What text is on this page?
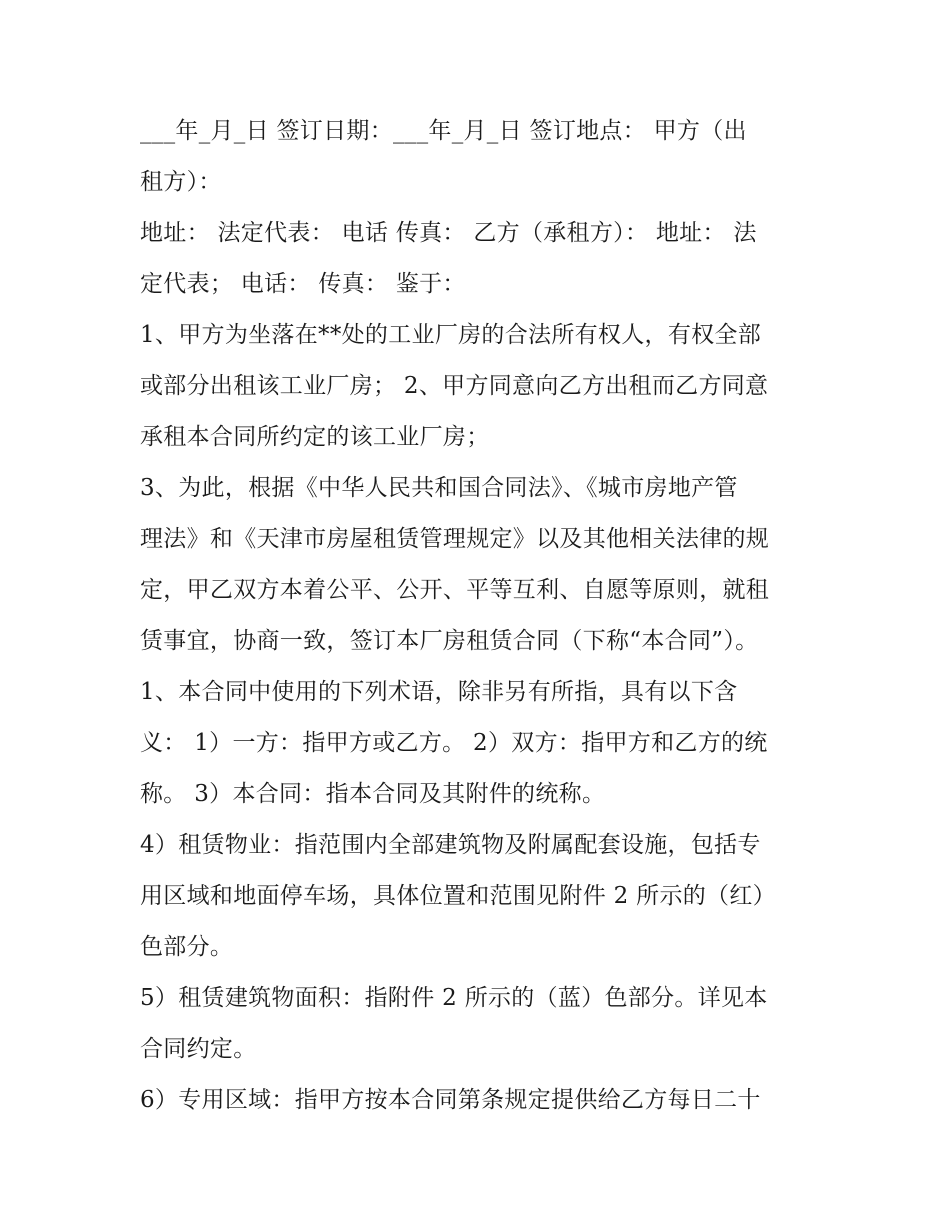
___年_月_日 签订日期：___年_月_日 签订地点： 甲方（出
租方）：
地址： 法定代表： 电话 传真： 乙方（承租方）： 地址： 法
定代表； 电话： 传真： 鉴于：
1、甲方为坐落在**处的工业厂房的合法所有权人，有权全部
或部分出租该工业厂房； 2、甲方同意向乙方出租而乙方同意
承租本合同所约定的该工业厂房；
3、为此，根据《中华人民共和国合同法》、《城市房地产管
理法》和《天津市房屋租赁管理规定》以及其他相关法律的规
定，甲乙双方本着公平、公开、平等互利、自愿等原则，就租
赁事宜，协商一致，签订本厂房租赁合同（下称“本合同”）。
1、本合同中使用的下列术语，除非另有所指，具有以下含
义： 1）一方：指甲方或乙方。 2）双方：指甲方和乙方的统
称。 3）本合同：指本合同及其附件的统称。
4）租赁物业：指范围内全部建筑物及附属配套设施，包括专
用区域和地面停车场，具体位置和范围见附件 2 所示的（红）
色部分。
5）租赁建筑物面积：指附件 2 所示的（蓝）色部分。详见本
合同约定。
6）专用区域：指甲方按本合同第条规定提供给乙方每日二十
